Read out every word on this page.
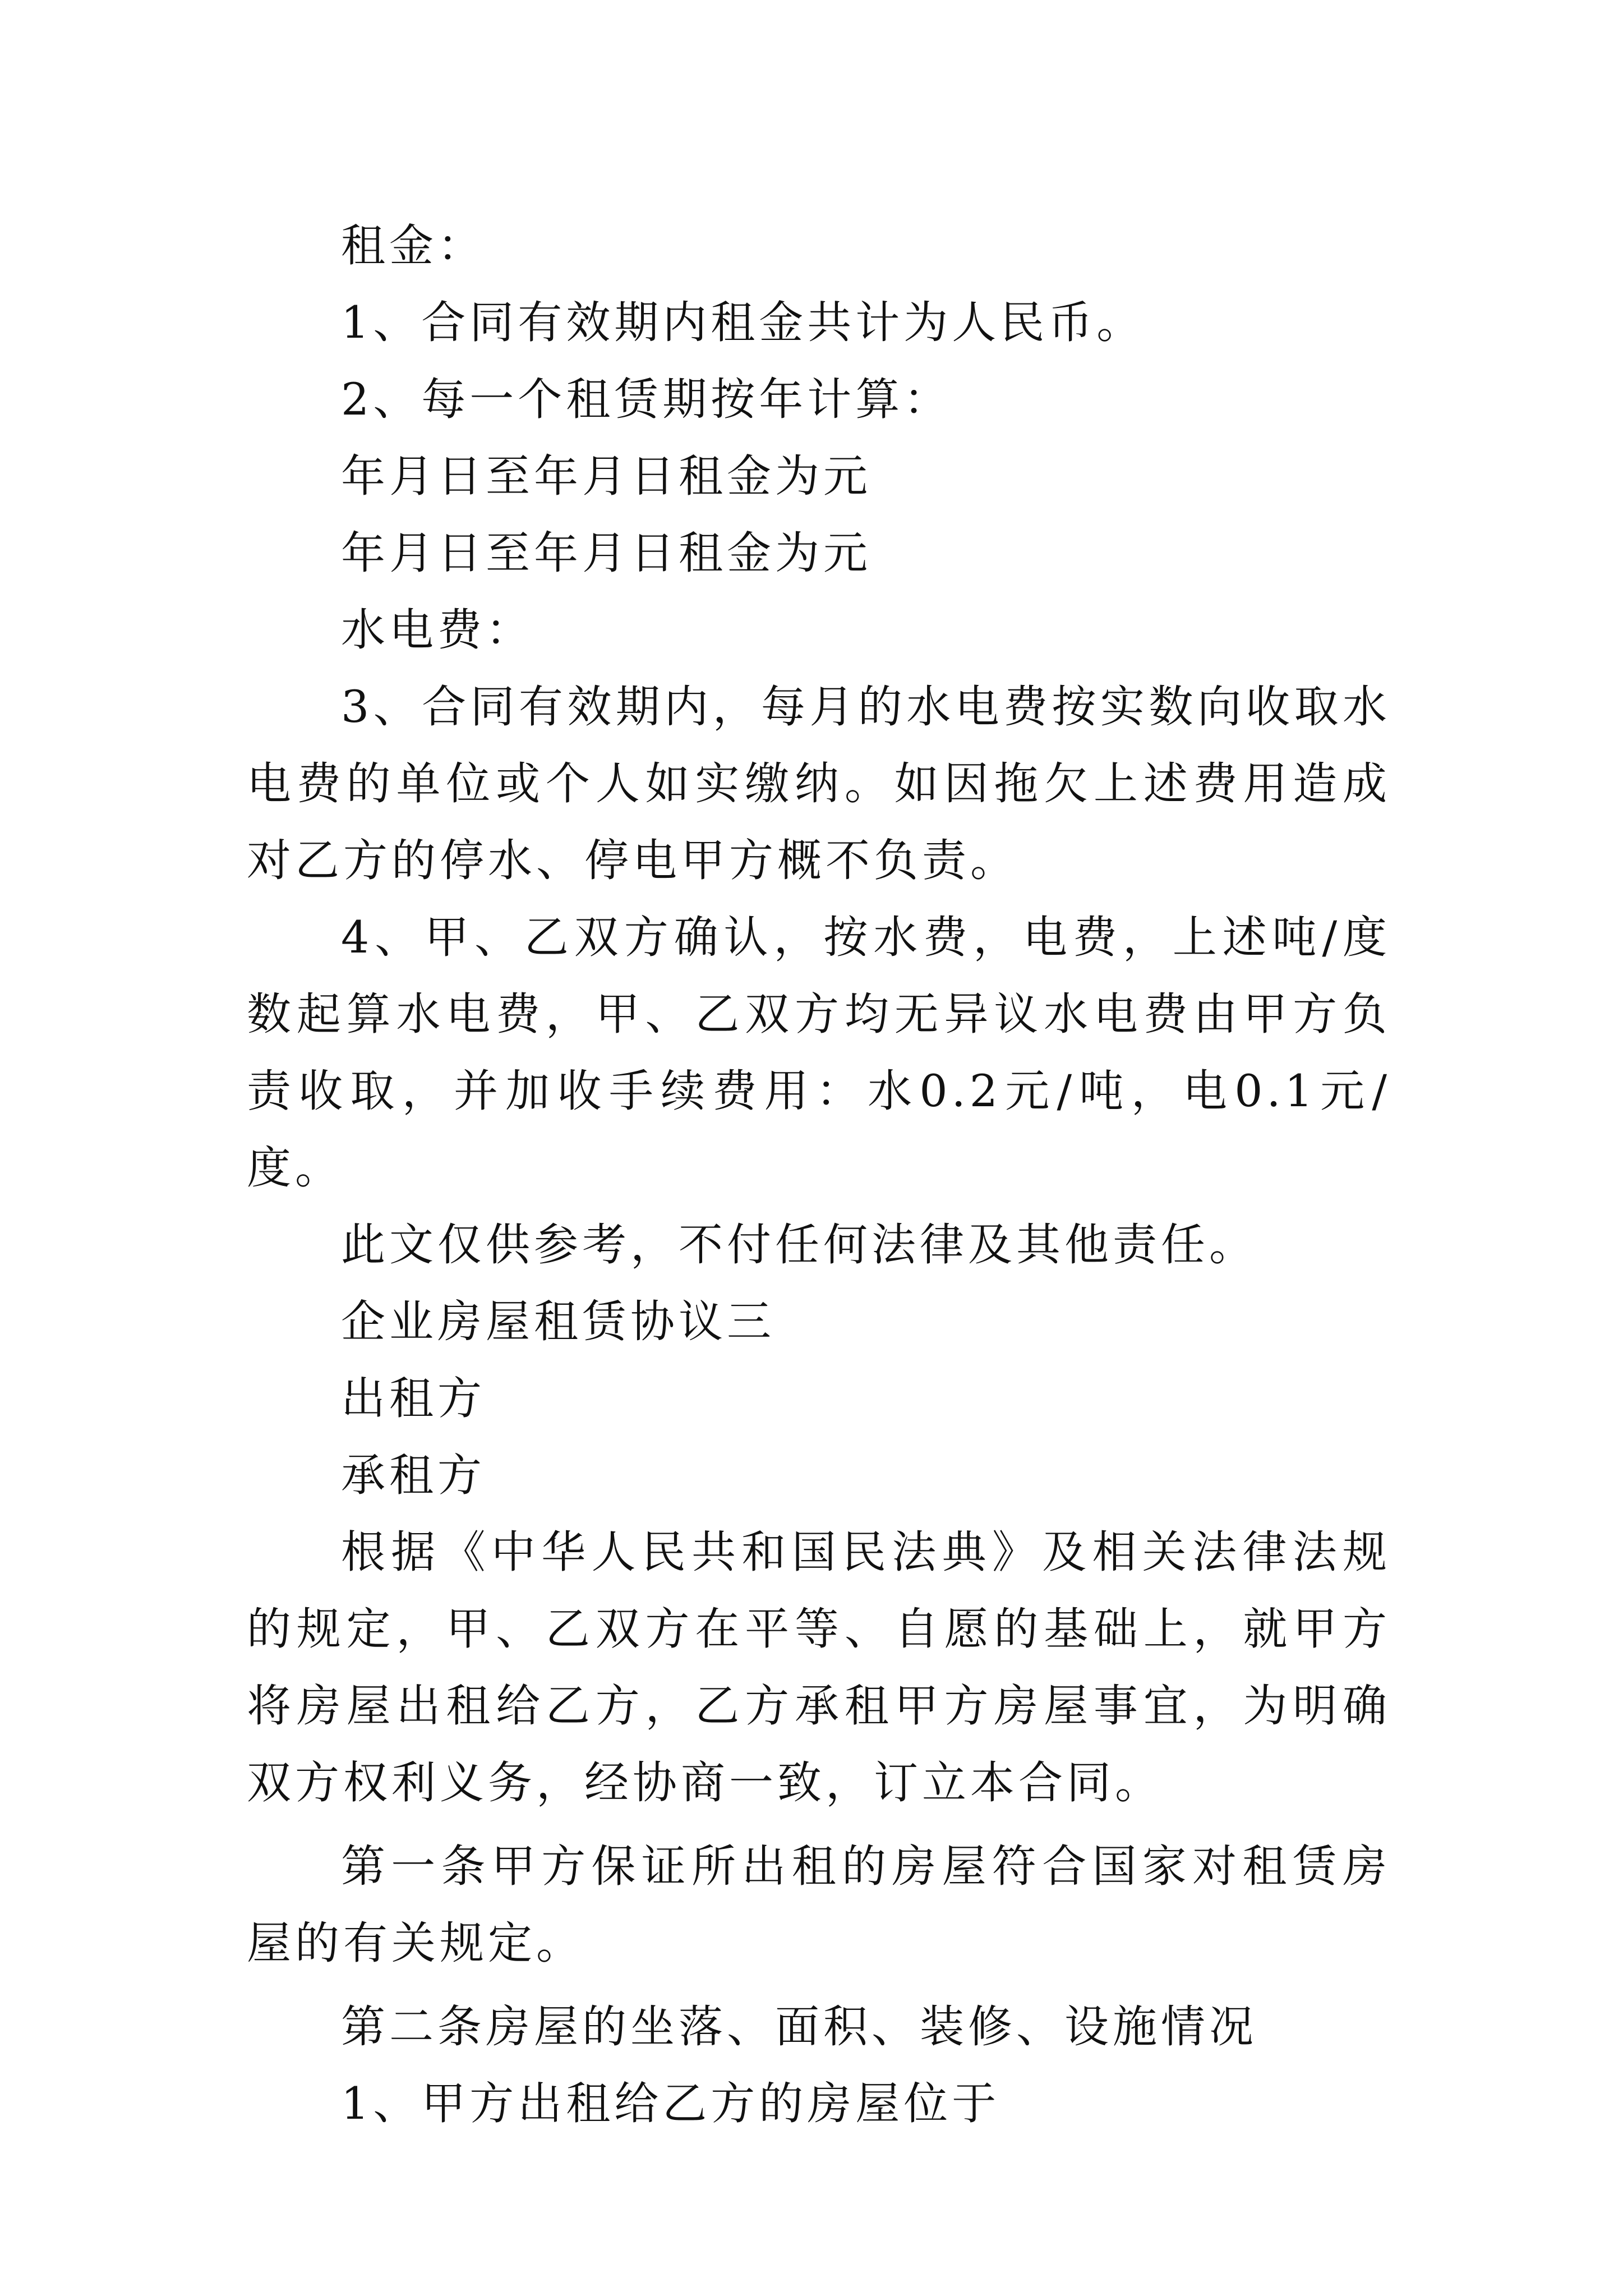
租金：

1、合同有效期内租金共计为人民币。

2、每一个租赁期按年计算：

年月日至年月日租金为元

年月日至年月日租金为元

水电费：

3、合同有效期内，每月的水电费按实数向收取水电费的单位或个人如实缴纳。如因拖欠上述费用造成对乙方的停水、停电甲方概不负责。

4、甲、乙双方确认，按水费，电费，上述吨/度数起算水电费，甲、乙双方均无异议水电费由甲方负责收取，并加收手续费用：水0.2元/吨，电0.1元/度。

此文仅供参考，不付任何法律及其他责任。

企业房屋租赁协议三

出租方

承租方

根据《中华人民共和国民法典》及相关法律法规的规定，甲、乙双方在平等、自愿的基础上，就甲方将房屋出租给乙方，乙方承租甲方房屋事宜，为明确双方权利义务，经协商一致，订立本合同。

第一条甲方保证所出租的房屋符合国家对租赁房屋的有关规定。

第二条房屋的坐落、面积、装修、设施情况

1、甲方出租给乙方的房屋位于
